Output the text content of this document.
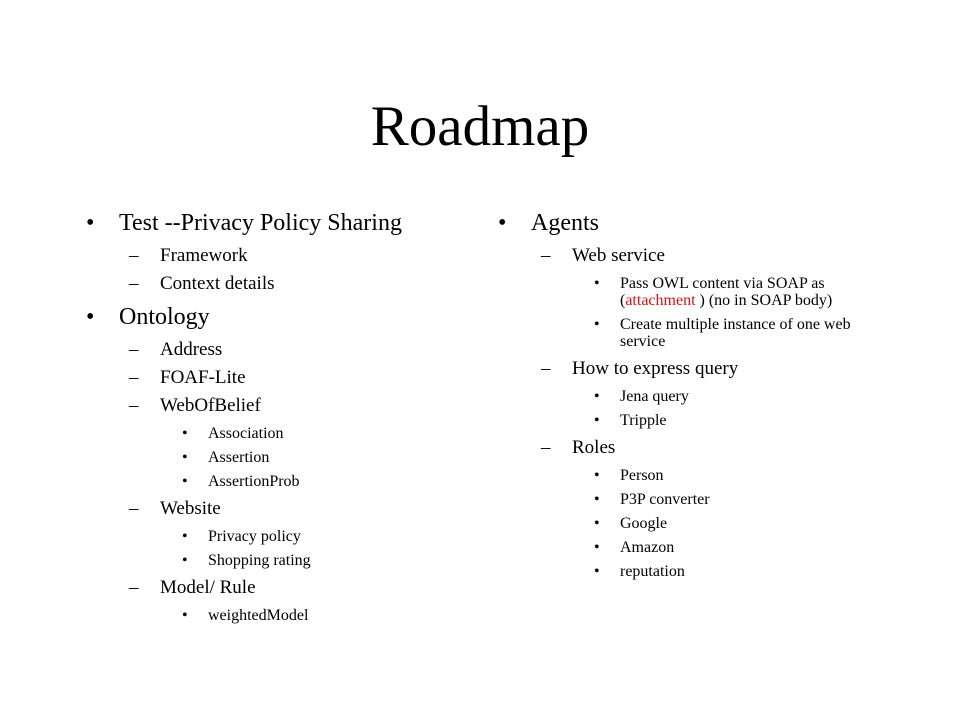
Roadmap
• Test --Privacy Policy Sharing
– Framework
– Context details
• Ontology
– Address
– FOAF-Lite
– WebOfBelief
• Association
• Assertion
• AssertionProb
– Website
• Privacy policy
• Shopping rating
– Model/ Rule
• weightedModel
• Agents
– Web service
• Pass OWL content via SOAP as (attachment ) (no in SOAP body)
• Create multiple instance of one web service
– How to express query
• Jena query
• Tripple
– Roles
• Person
• P3P converter
• Google
• Amazon
• reputation
